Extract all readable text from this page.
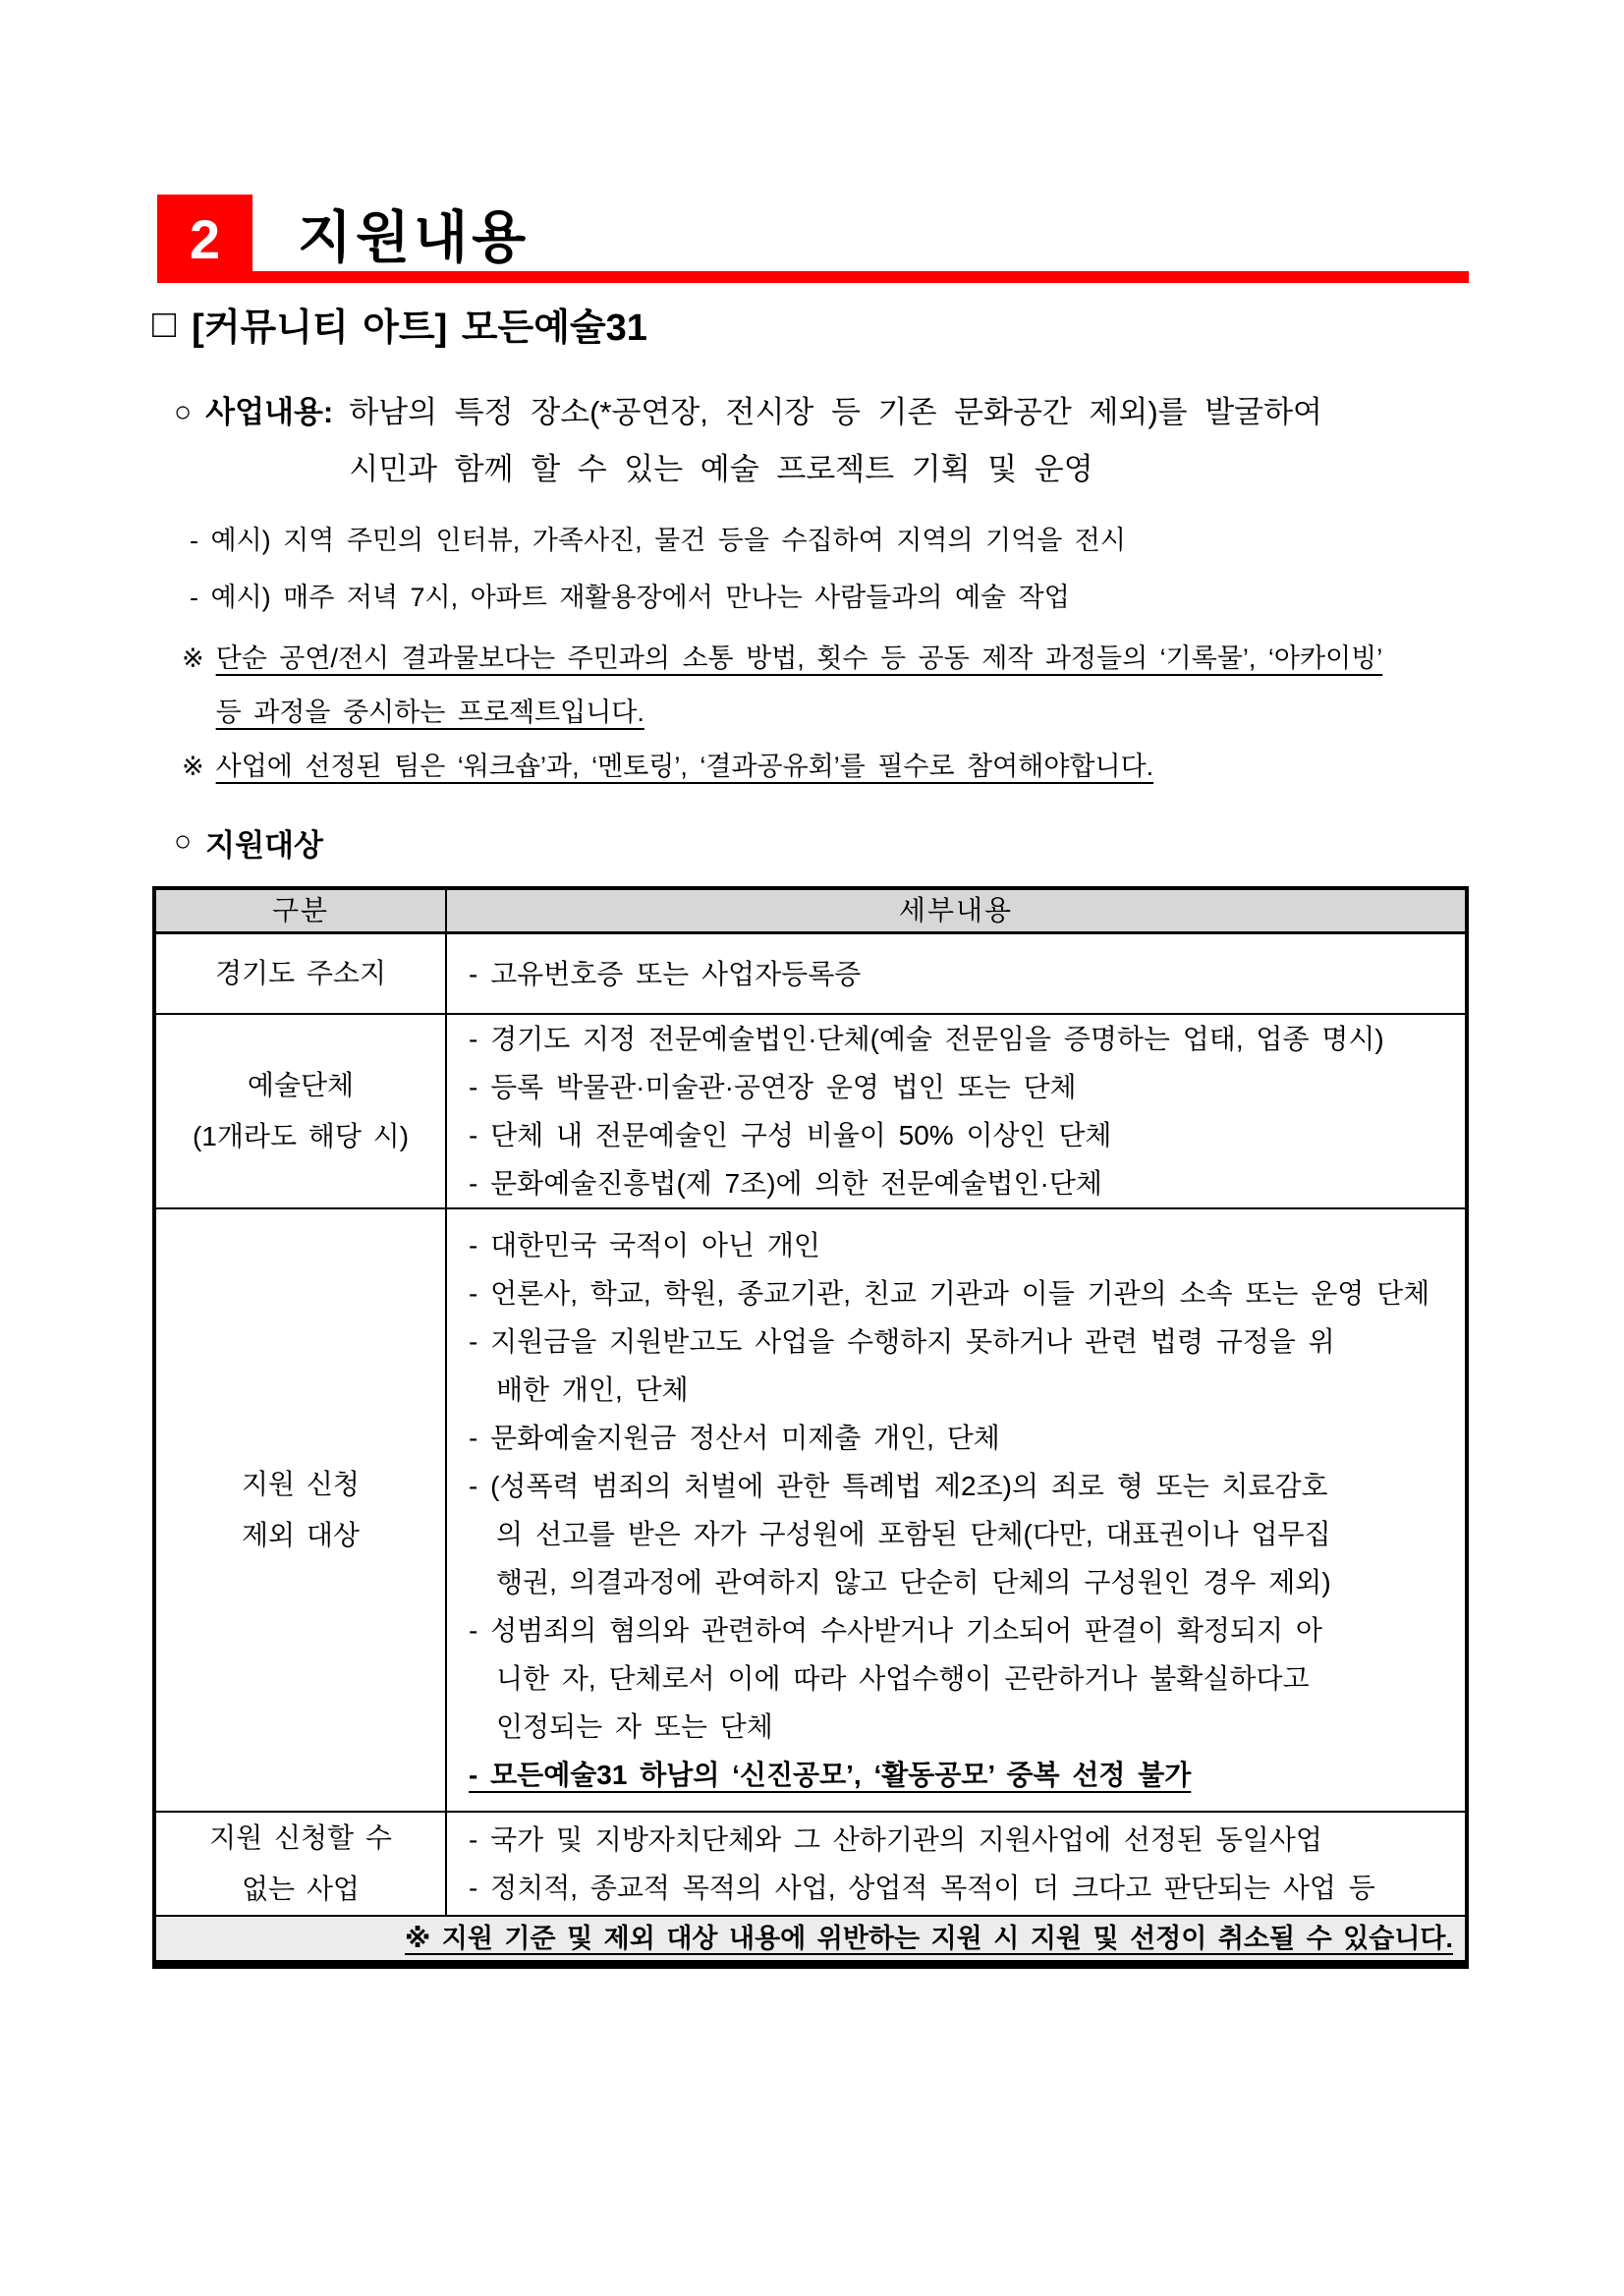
2 지원내용
□ [커뮤니티 아트] 모든예술31
○ 사업내용: 하남의 특정 장소(*공연장, 전시장 등 기존 문화공간 제외)를 발굴하여
시민과 함께 할 수 있는 예술 프로젝트 기획 및 운영
- 예시) 지역 주민의 인터뷰, 가족사진, 물건 등을 수집하여 지역의 기억을 전시
- 예시) 매주 저녁 7시, 아파트 재활용장에서 만나는 사람들과의 예술 작업
※ 단순 공연/전시 결과물보다는 주민과의 소통 방법, 횟수 등 공동 제작 과정들의 ‘기록물’, ‘아카이빙’
등 과정을 중시하는 프로젝트입니다.
※ 사업에 선정된 팀은 ‘워크숍’과, ‘멘토링’, ‘결과공유회’를 필수로 참여해야합니다.
○ 지원대상
구분	세부내용
경기도 주소지	- 고유번호증 또는 사업자등록증
예술단체
(1개라도 해당 시)
- 경기도 지정 전문예술법인·단체(예술 전문임을 증명하는 업태, 업종 명시)
- 등록 박물관·미술관·공연장 운영 법인 또는 단체
- 단체 내 전문예술인 구성 비율이 50% 이상인 단체
- 문화예술진흥법(제 7조)에 의한 전문예술법인·단체
지원 신청
제외 대상
- 대한민국 국적이 아닌 개인
- 언론사, 학교, 학원, 종교기관, 친교 기관과 이들 기관의 소속 또는 운영 단체
- 지원금을 지원받고도 사업을 수행하지 못하거나 관련 법령 규정을 위
배한 개인, 단체
- 문화예술지원금 정산서 미제출 개인, 단체
- (성폭력 범죄의 처벌에 관한 특례법 제2조)의 죄로 형 또는 치료감호
의 선고를 받은 자가 구성원에 포함된 단체(다만, 대표권이나 업무집
행권, 의결과정에 관여하지 않고 단순히 단체의 구성원인 경우 제외)
- 성범죄의 혐의와 관련하여 수사받거나 기소되어 판결이 확정되지 아
니한 자, 단체로서 이에 따라 사업수행이 곤란하거나 불확실하다고
인정되는 자 또는 단체
- 모든예술31 하남의 ‘신진공모’, ‘활동공모’ 중복 선정 불가
지원 신청할 수
없는 사업
- 국가 및 지방자치단체와 그 산하기관의 지원사업에 선정된 동일사업
- 정치적, 종교적 목적의 사업, 상업적 목적이 더 크다고 판단되는 사업 등
※ 지원 기준 및 제외 대상 내용에 위반하는 지원 시 지원 및 선정이 취소될 수 있습니다.
